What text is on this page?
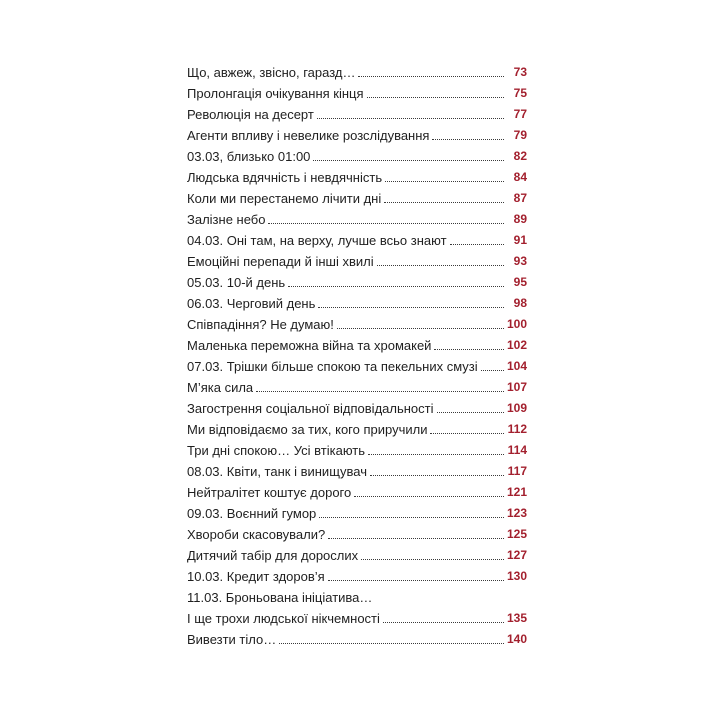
Що, авжеж, звісно, гаразд…	73
Пролонгація очікування кінця	75
Революція на десерт	77
Агенти впливу і невелике розслідування	79
03.03, близько 01:00	82
Людська вдячність і невдячність	84
Коли ми перестанемо лічити дні	87
Залізне небо	89
04.03. Оні там, на верху, лучше всьо знают	91
Емоційні перепади й інші хвилі	93
05.03. 10-й день	95
06.03. Черговий день	98
Співпадіння? Не думаю!	100
Маленька переможна війна та хромакей	102
07.03. Трішки більше спокою та пекельних смузі 104
М’яка сила	107
Загострення соціальної відповідальності	109
Ми відповідаємо за тих, кого приручили	112
Три дні спокою… Усі втікають	114
08.03. Квіти, танк і винищувач	117
Нейтралітет коштує дорого	121
09.03. Воєнний гумор	123
Хвороби скасовували?	125
Дитячий табір для дорослих	127
10.03. Кредит здоров’я	130
11.03. Броньована ініціатива…
І ще трохи людської нікчемності	135
Вивезти тіло…	140
